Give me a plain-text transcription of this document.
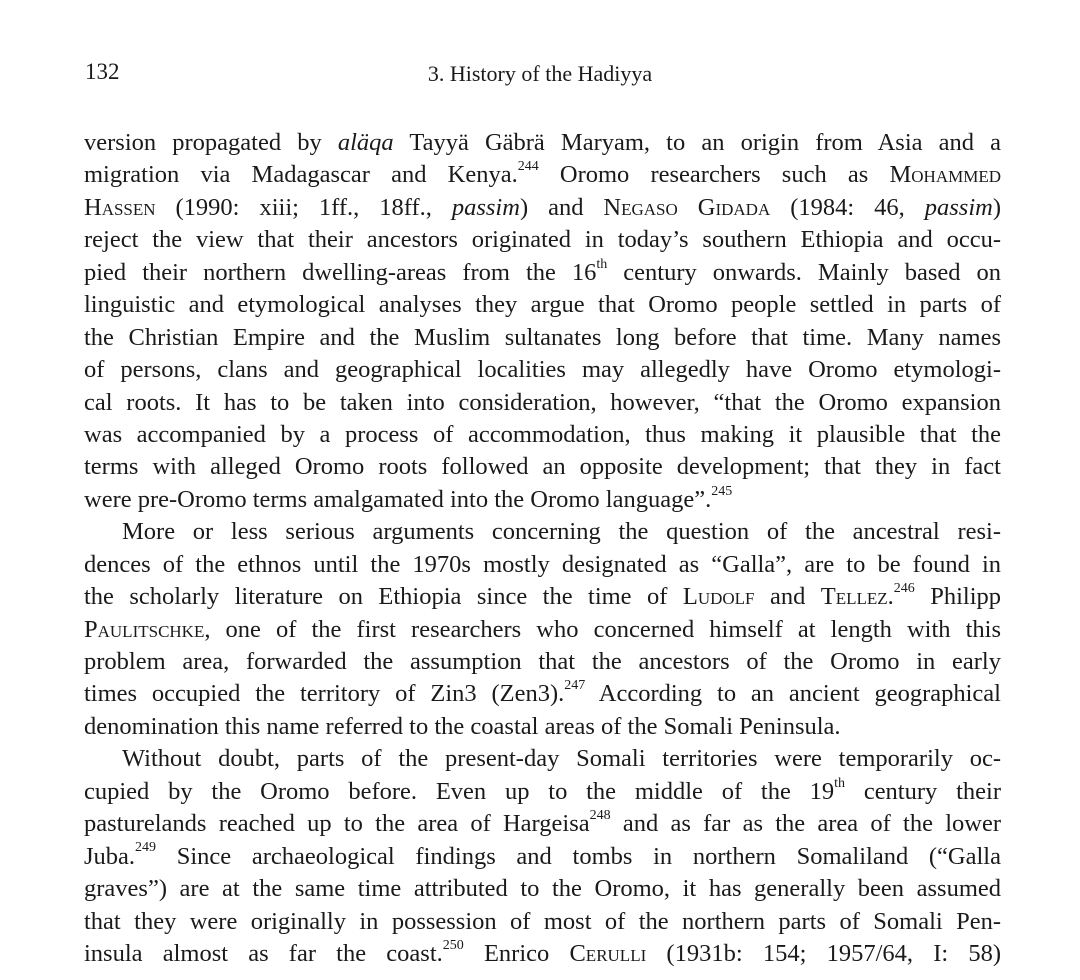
132	3. History of the Hadiyya
version propagated by aläqa Tayyä Gäbrä Maryam, to an origin from Asia and a
migration via Madagascar and Kenya.$^{244}$ Oromo researchers such as Mohammed
Hassen (1990: xiii; 1ff., 18ff., passim) and Negaso Gidada (1984: 46, passim)
reject the view that their ancestors originated in today’s southern Ethiopia and occu-
pied their northern dwelling-areas from the 16th century onwards. Mainly based on
linguistic and etymological analyses they argue that Oromo people settled in parts of
the Christian Empire and the Muslim sultanates long before that time. Many names
of persons, clans and geographical localities may allegedly have Oromo etymologi-
cal roots. It has to be taken into consideration, however, “that the Oromo expansion
was accompanied by a process of accommodation, thus making it plausible that the
terms with alleged Oromo roots followed an opposite development; that they in fact
were pre-Oromo terms amalgamated into the Oromo language”.$^{245}$
More or less serious arguments concerning the question of the ancestral resi-
dences of the ethnos until the 1970s mostly designated as “Galla”, are to be found in
the scholarly literature on Ethiopia since the time of Ludolf and Tellez.$^{246}$ Philipp
Paulitschke, one of the first researchers who concerned himself at length with this
problem area, forwarded the assumption that the ancestors of the Oromo in early
times occupied the territory of Zin3 (Zen3).$^{247}$ According to an ancient geographical
denomination this name referred to the coastal areas of the Somali Peninsula.
Without doubt, parts of the present-day Somali territories were temporarily oc-
cupied by the Oromo before. Even up to the middle of the 19th century their
pasturelands reached up to the area of Hargeisa$^{248}$ and as far as the area of the lower
Juba.$^{249}$ Since archaeological findings and tombs in northern Somaliland (“Galla
graves”) are at the same time attributed to the Oromo, it has generally been assumed
that they were originally in possession of most of the northern parts of Somali Pen-
insula almost as far the coast.$^{250}$ Enrico Cerulli (1931b: 154; 1957/64, I: 58)
